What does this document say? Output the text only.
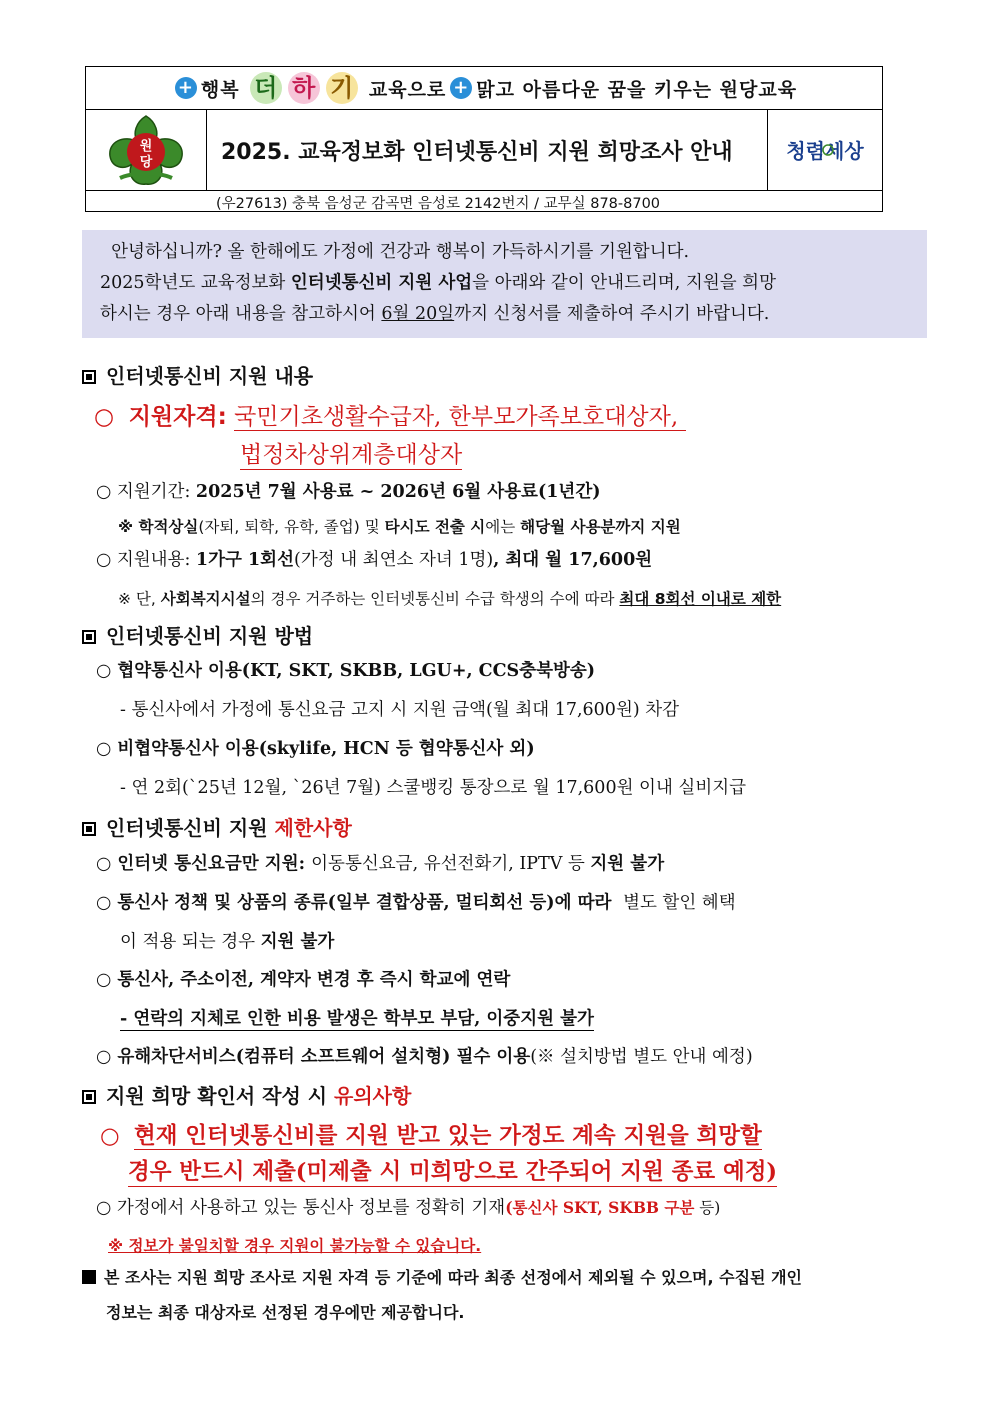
+ 행복
더 하 기
교육으로 + 맑고 아름다운 꿈을 키우는 원당교육
원
당	2025. 교육정보화 인터넷통신비 지원 희망조사 안내	청렴세상
(우27613) 충북 음성군 감곡면 음성로 2142번지 / 교무실 878-8700

안녕하십니까? 올 한해에도 가정에 건강과 행복이 가득하시기를 기원합니다.

2025학년도 교육정보화 인터넷통신비 지원 사업을 아래와 같이 안내드리며, 지원을 희망

하시는 경우 아래 내용을 참고하시어 6월 20일까지 신청서를 제출하여 주시기 바랍니다.

인터넷통신비 지원 내용
○ 지원자격: 국민기초생활수급자, 한부모가족보호대상자,
법정차상위계층대상자
○ 지원기간: 2025년 7월 사용료 ~ 2026년 6월 사용료(1년간)
※ 학적상실(자퇴, 퇴학, 유학, 졸업) 및 타시도 전출 시에는 해당월 사용분까지 지원
○ 지원내용: 1가구 1회선(가정 내 최연소 자녀 1명), 최대 월 17,600원
※ 단, 사회복지시설의 경우 거주하는 인터넷통신비 수급 학생의 수에 따라 최대 8회선 이내로 제한
인터넷통신비 지원 방법
○ 협약통신사 이용(KT, SKT, SKBB, LGU+, CCS충북방송)
- 통신사에서 가정에 통신요금 고지 시 지원 금액(월 최대 17,600원) 차감
○ 비협약통신사 이용(skylife, HCN 등 협약통신사 외)
- 연 2회(`25년 12월, `26년 7월) 스쿨뱅킹 통장으로 월 17,600원 이내 실비지급
인터넷통신비 지원 제한사항
○ 인터넷 통신요금만 지원: 이동통신요금, 유선전화기, IPTV 등 지원 불가
○ 통신사 정책 및 상품의 종류(일부 결합상품, 멀티회선 등)에 따라  별도 할인 혜택
이 적용 되는 경우 지원 불가
○ 통신사, 주소이전, 계약자 변경 후 즉시 학교에 연락
- 연락의 지체로 인한 비용 발생은 학부모 부담, 이중지원 불가
○ 유해차단서비스(컴퓨터 소프트웨어 설치형) 필수 이용(※ 설치방법 별도 안내 예정)
지원 희망 확인서 작성 시 유의사항
○ 현재 인터넷통신비를 지원 받고 있는 가정도 계속 지원을 희망할
경우 반드시 제출(미제출 시 미희망으로 간주되어 지원 종료 예정)
○ 가정에서 사용하고 있는 통신사 정보를 정확히 기재(통신사 SKT, SKBB 구분 등)
※ 정보가 불일치할 경우 지원이 불가능할 수 있습니다.
본 조사는 지원 희망 조사로 지원 자격 등 기준에 따라 최종 선정에서 제외될 수 있으며, 수집된 개인
정보는 최종 대상자로 선정된 경우에만 제공합니다.
